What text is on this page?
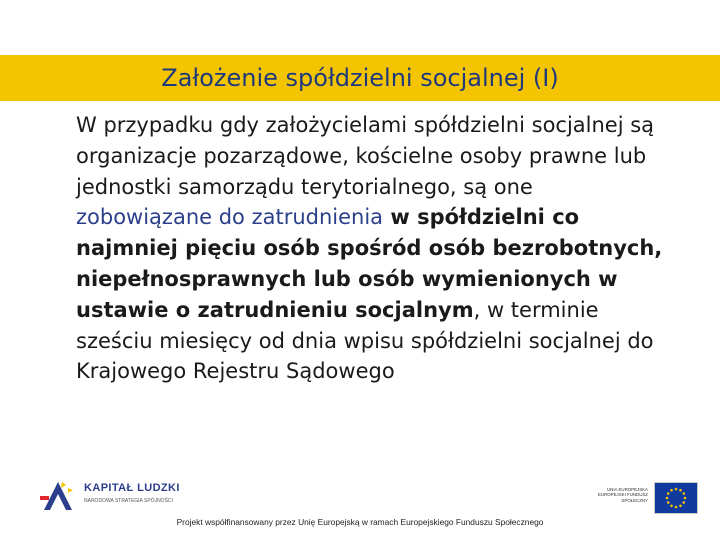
Założenie spółdzielni socjalnej (I)
W przypadku gdy założycielami spółdzielni socjalnej są organizacje pozarządowe, kościelne osoby prawne lub jednostki samorządu terytorialnego, są one zobowiązane do zatrudnienia w spółdzielni co najmniej pięciu osób spośród osób bezrobotnych, niepełnosprawnych lub osób wymienionych w ustawie o zatrudnieniu socjalnym, w terminie sześciu miesięcy od dnia wpisu spółdzielni socjalnej do Krajowego Rejestru Sądowego
KAPITAŁ LUDZKI
NARODOWA STRATEGIA SPÓJNOŚCI
UNIA EUROPEJSKA EUROPEJSKI FUNDUSZ SPOŁECZNY
Projekt współfinansowany przez Unię Europejską w ramach Europejskiego Funduszu Społecznego
